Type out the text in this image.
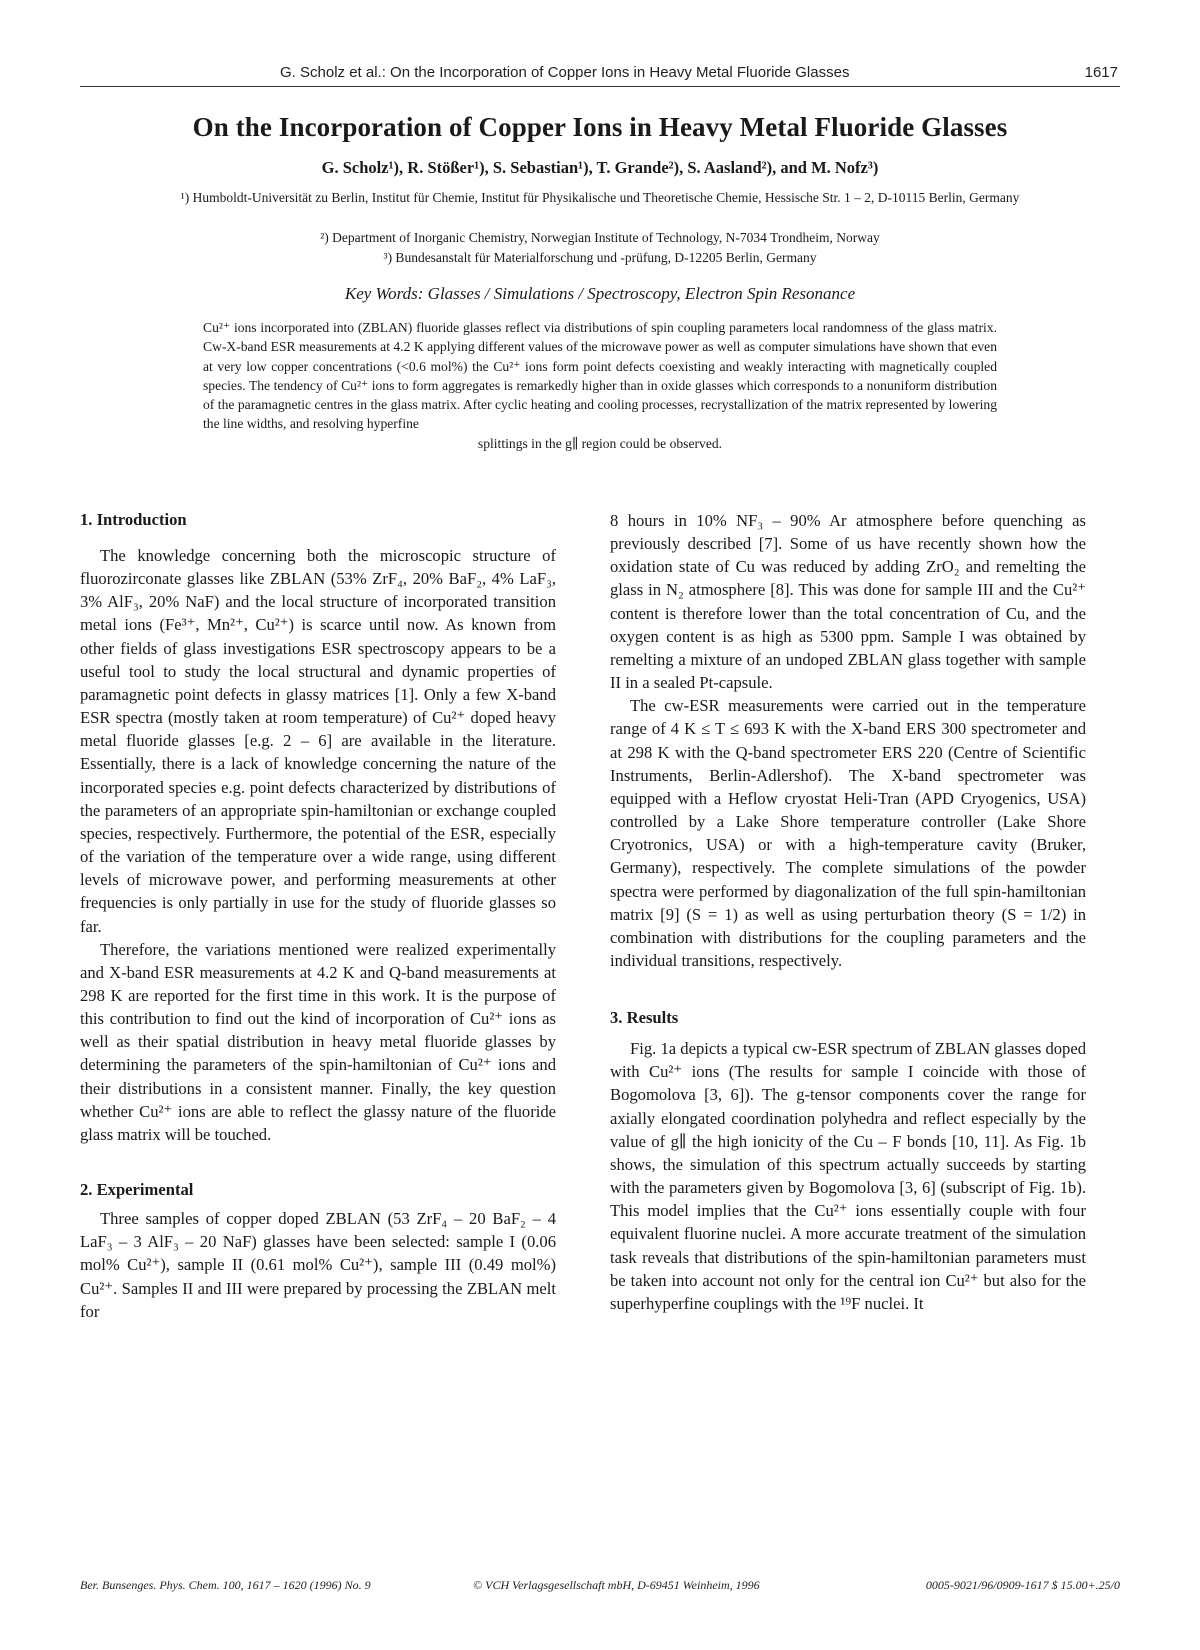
G. Scholz et al.: On the Incorporation of Copper Ions in Heavy Metal Fluoride Glasses	1617
On the Incorporation of Copper Ions in Heavy Metal Fluoride Glasses
G. Scholz¹), R. Stößer¹), S. Sebastian¹), T. Grande²), S. Aasland²), and M. Nofz³)
¹) Humboldt-Universität zu Berlin, Institut für Chemie, Institut für Physikalische und Theoretische Chemie, Hessische Str. 1 – 2, D-10115 Berlin, Germany
²) Department of Inorganic Chemistry, Norwegian Institute of Technology, N-7034 Trondheim, Norway
³) Bundesanstalt für Materialforschung und -prüfung, D-12205 Berlin, Germany
Key Words: Glasses / Simulations / Spectroscopy, Electron Spin Resonance

Cu²⁺ ions incorporated into (ZBLAN) fluoride glasses reflect via distributions of spin coupling parameters local randomness of the glass matrix. Cw-X-band ESR measurements at 4.2 K applying different values of the microwave power as well as computer simulations have shown that even at very low copper concentrations (<0.6 mol%) the Cu²⁺ ions form point defects coexisting and weakly interacting with magnetically coupled species. The tendency of Cu²⁺ ions to form aggregates is remarkedly higher than in oxide glasses which corresponds to a nonuniform distribution of the paramagnetic centres in the glass matrix. After cyclic heating and cooling processes, recrystallization of the matrix represented by lowering the line widths, and resolving hyperfine

splittings in the g∥ region could be observed.

1. Introduction

The knowledge concerning both the microscopic structure of fluorozirconate glasses like ZBLAN (53% ZrF₄, 20% BaF₂, 4% LaF₃, 3% AlF₃, 20% NaF) and the local structure of incorporated transition metal ions (Fe³⁺, Mn²⁺, Cu²⁺) is scarce until now. As known from other fields of glass investigations ESR spectroscopy appears to be a useful tool to study the local structural and dynamic properties of paramagnetic point defects in glassy matrices [1]. Only a few X-band ESR spectra (mostly taken at room temperature) of Cu²⁺ doped heavy metal fluoride glasses [e.g. 2 – 6] are available in the literature. Essentially, there is a lack of knowledge concerning the nature of the incorporated species e.g. point defects characterized by distributions of the parameters of an appropriate spin-hamiltonian or exchange coupled species, respectively. Furthermore, the potential of the ESR, especially of the variation of the temperature over a wide range, using different levels of microwave power, and performing measurements at other frequencies is only partially in use for the study of fluoride glasses so far.

Therefore, the variations mentioned were realized experimentally and X-band ESR measurements at 4.2 K and Q-band measurements at 298 K are reported for the first time in this work. It is the purpose of this contribution to find out the kind of incorporation of Cu²⁺ ions as well as their spatial distribution in heavy metal fluoride glasses by determining the parameters of the spin-hamiltonian of Cu²⁺ ions and their distributions in a consistent manner. Finally, the key question whether Cu²⁺ ions are able to reflect the glassy nature of the fluoride glass matrix will be touched.

2. Experimental

Three samples of copper doped ZBLAN (53 ZrF₄ – 20 BaF₂ – 4 LaF₃ – 3 AlF₃ – 20 NaF) glasses have been selected: sample I (0.06 mol% Cu²⁺), sample II (0.61 mol% Cu²⁺), sample III (0.49 mol%) Cu²⁺. Samples II and III were prepared by processing the ZBLAN melt for

8 hours in 10% NF₃ – 90% Ar atmosphere before quenching as previously described [7]. Some of us have recently shown how the oxidation state of Cu was reduced by adding ZrO₂ and remelting the glass in N₂ atmosphere [8]. This was done for sample III and the Cu²⁺ content is therefore lower than the total concentration of Cu, and the oxygen content is as high as 5300 ppm. Sample I was obtained by remelting a mixture of an undoped ZBLAN glass together with sample II in a sealed Pt-capsule.

The cw-ESR measurements were carried out in the temperature range of 4 K ≤ T ≤ 693 K with the X-band ERS 300 spectrometer and at 298 K with the Q-band spectrometer ERS 220 (Centre of Scientific Instruments, Berlin-Adlershof). The X-band spectrometer was equipped with a Heflow cryostat Heli-Tran (APD Cryogenics, USA) controlled by a Lake Shore temperature controller (Lake Shore Cryotronics, USA) or with a high-temperature cavity (Bruker, Germany), respectively. The complete simulations of the powder spectra were performed by diagonalization of the full spin-hamiltonian matrix [9] (S = 1) as well as using perturbation theory (S = 1/2) in combination with distributions for the coupling parameters and the individual transitions, respectively.

3. Results

Fig. 1a depicts a typical cw-ESR spectrum of ZBLAN glasses doped with Cu²⁺ ions (The results for sample I coincide with those of Bogomolova [3, 6]). The g-tensor components cover the range for axially elongated coordination polyhedra and reflect especially by the value of g∥ the high ionicity of the Cu – F bonds [10, 11]. As Fig. 1b shows, the simulation of this spectrum actually succeeds by starting with the parameters given by Bogomolova [3, 6] (subscript of Fig. 1b). This model implies that the Cu²⁺ ions essentially couple with four equivalent fluorine nuclei. A more accurate treatment of the simulation task reveals that distributions of the spin-hamiltonian parameters must be taken into account not only for the central ion Cu²⁺ but also for the superhyperfine couplings with the ¹⁹F nuclei. It

Ber. Bunsenges. Phys. Chem. 100, 1617 – 1620 (1996) No. 9	© VCH Verlagsgesellschaft mbH, D-69451 Weinheim, 1996	0005-9021/96/0909-1617 $ 15.00+.25/0
